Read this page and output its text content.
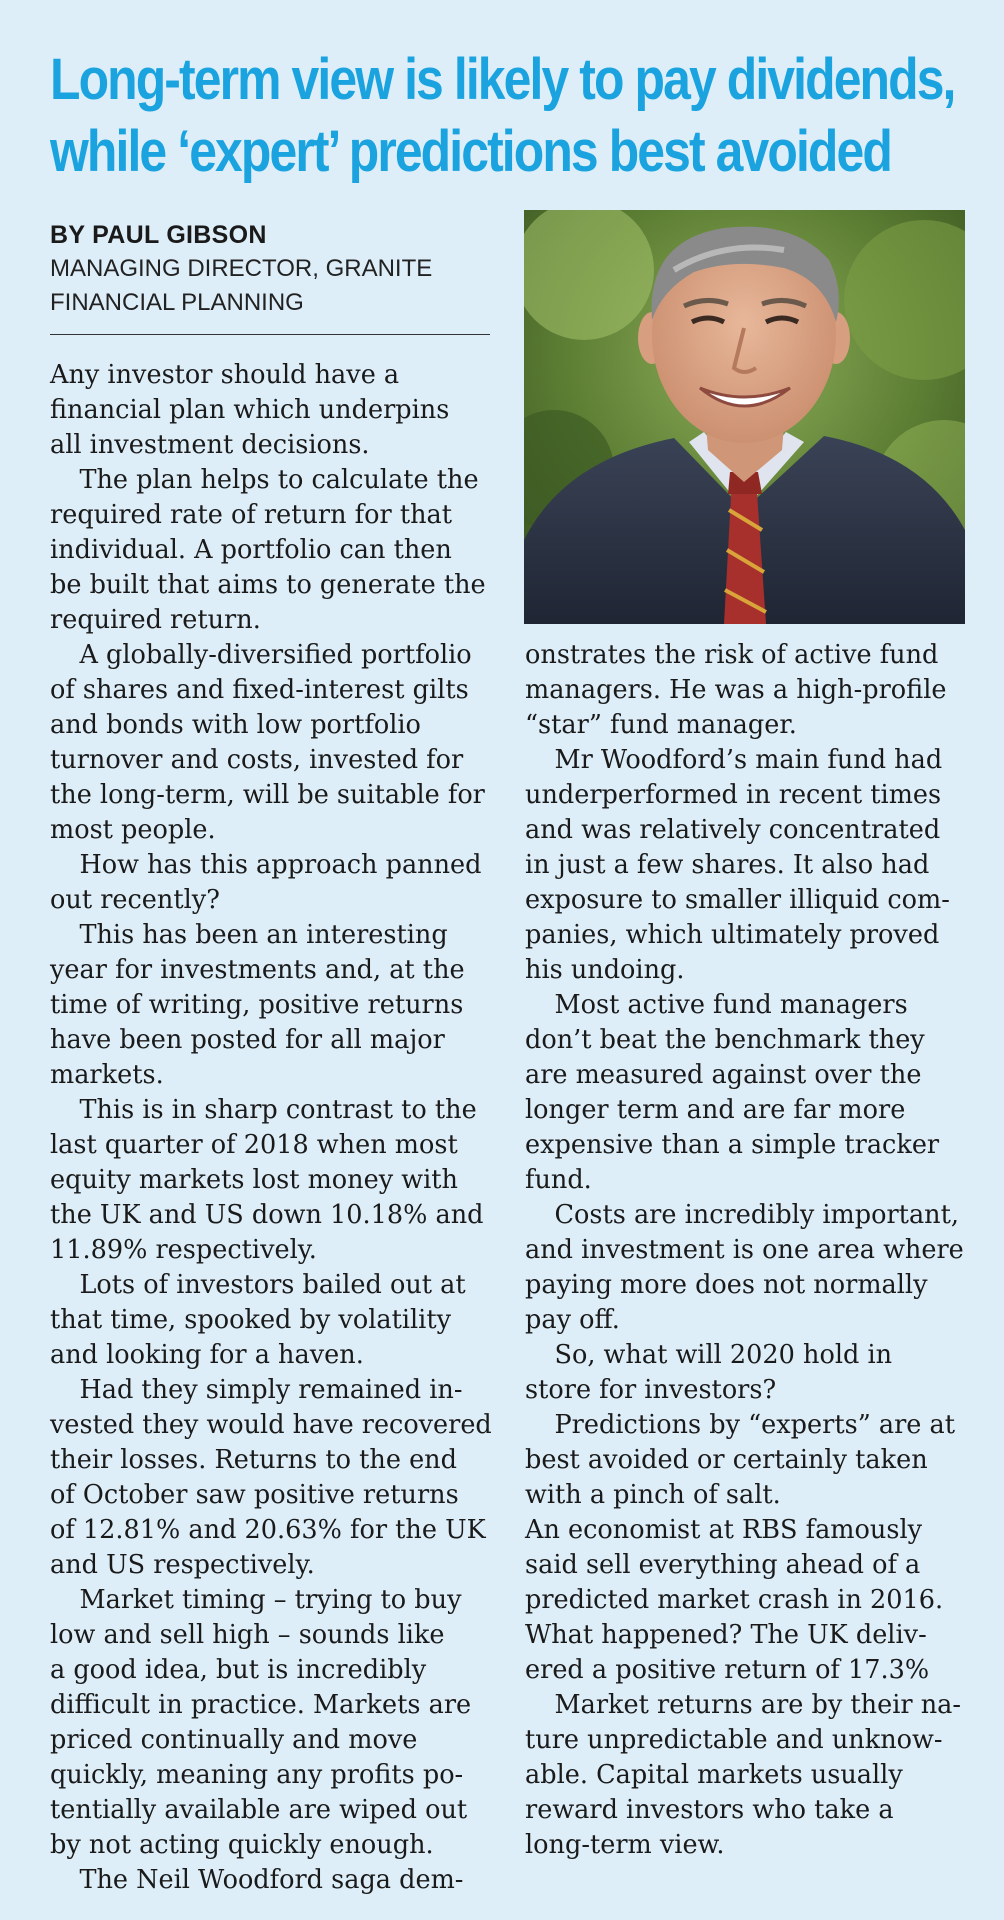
Long-term view is likely to pay dividends,
while ‘expert’ predictions best avoided
BY PAUL GIBSON
MANAGING DIRECTOR, GRANITE
FINANCIAL PLANNING
Any investor should have a
financial plan which underpins
all investment decisions.
The plan helps to calculate the
required rate of return for that
individual. A portfolio can then
be built that aims to generate the
required return.
A globally-diversified portfolio
of shares and fixed-interest gilts
and bonds with low portfolio
turnover and costs, invested for
the long-term, will be suitable for
most people.
How has this approach panned
out recently?
This has been an interesting
year for investments and, at the
time of writing, positive returns
have been posted for all major
markets.
This is in sharp contrast to the
last quarter of 2018 when most
equity markets lost money with
the UK and US down 10.18% and
11.89% respectively.
Lots of investors bailed out at
that time, spooked by volatility
and looking for a haven.
Had they simply remained in-
vested they would have recovered
their losses. Returns to the end
of October saw positive returns
of 12.81% and 20.63% for the UK
and US respectively.
Market timing – trying to buy
low and sell high – sounds like
a good idea, but is incredibly
difficult in practice. Markets are
priced continually and move
quickly, meaning any profits po-
tentially available are wiped out
by not acting quickly enough.
The Neil Woodford saga dem-
onstrates the risk of active fund
managers. He was a high-profile
“star” fund manager.
Mr Woodford’s main fund had
underperformed in recent times
and was relatively concentrated
in just a few shares. It also had
exposure to smaller illiquid com-
panies, which ultimately proved
his undoing.
Most active fund managers
don’t beat the benchmark they
are measured against over the
longer term and are far more
expensive than a simple tracker
fund.
Costs are incredibly important,
and investment is one area where
paying more does not normally
pay off.
So, what will 2020 hold in
store for investors?
Predictions by “experts” are at
best avoided or certainly taken
with a pinch of salt.
An economist at RBS famously
said sell everything ahead of a
predicted market crash in 2016.
What happened? The UK deliv-
ered a positive return of 17.3%
Market returns are by their na-
ture unpredictable and unknow-
able. Capital markets usually
reward investors who take a
long-term view.
